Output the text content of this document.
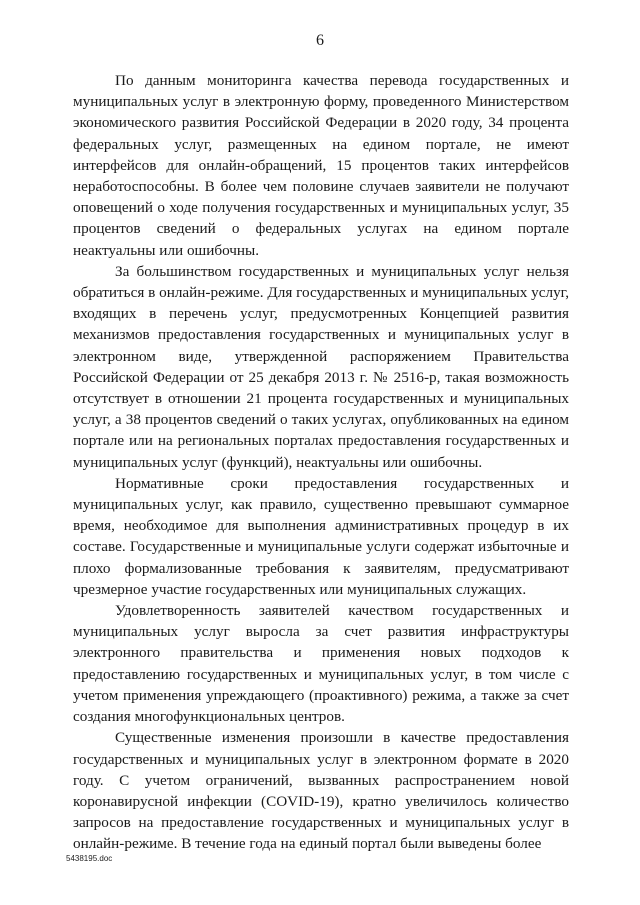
6

По данным мониторинга качества перевода государственных и муниципальных услуг в электронную форму, проведенного Министерством экономического развития Российской Федерации в 2020 году, 34 процента федеральных услуг, размещенных на едином портале, не имеют интерфейсов для онлайн-обращений, 15 процентов таких интерфейсов неработоспособны. В более чем половине случаев заявители не получают оповещений о ходе получения государственных и муниципальных услуг, 35 процентов сведений о федеральных услугах на едином портале неактуальны или ошибочны.

За большинством государственных и муниципальных услуг нельзя обратиться в онлайн-режиме. Для государственных и муниципальных услуг, входящих в перечень услуг, предусмотренных Концепцией развития механизмов предоставления государственных и муниципальных услуг в электронном виде, утвержденной распоряжением Правительства Российской Федерации от 25 декабря 2013 г. № 2516-р, такая возможность отсутствует в отношении 21 процента государственных и муниципальных услуг, а 38 процентов сведений о таких услугах, опубликованных на едином портале или на региональных порталах предоставления государственных и муниципальных услуг (функций), неактуальны или ошибочны.

Нормативные сроки предоставления государственных и муниципальных услуг, как правило, существенно превышают суммарное время, необходимое для выполнения административных процедур в их составе. Государственные и муниципальные услуги содержат избыточные и плохо формализованные требования к заявителям, предусматривают чрезмерное участие государственных или муниципальных служащих.

Удовлетворенность заявителей качеством государственных и муниципальных услуг выросла за счет развития инфраструктуры электронного правительства и применения новых подходов к предоставлению государственных и муниципальных услуг, в том числе с учетом применения упреждающего (проактивного) режима, а также за счет создания многофункциональных центров.

Существенные изменения произошли в качестве предоставления государственных и муниципальных услуг в электронном формате в 2020 году. С учетом ограничений, вызванных распространением новой коронавирусной инфекции (COVID-19), кратно увеличилось количество запросов на предоставление государственных и муниципальных услуг в онлайн-режиме. В течение года на единый портал были выведены более

5438195.doc
